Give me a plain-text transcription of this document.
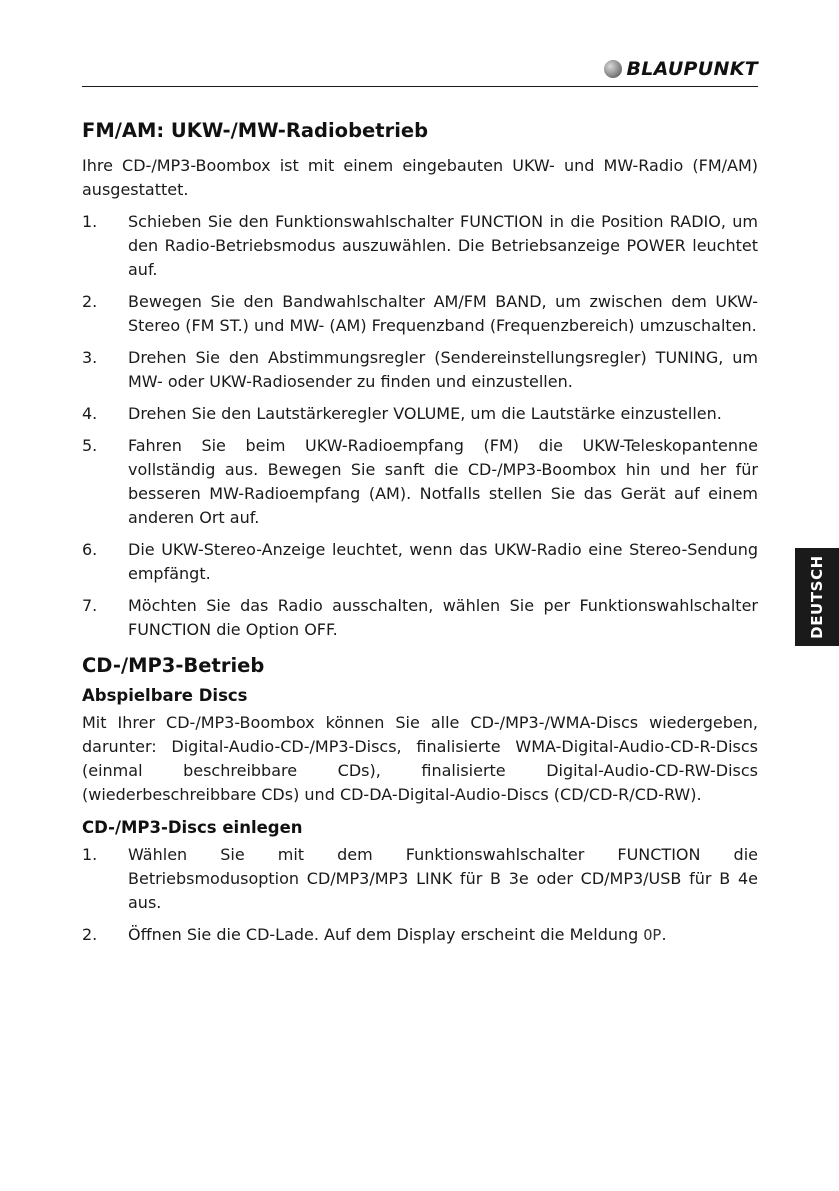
BLAUPUNKT
FM/AM: UKW-/MW-Radiobetrieb

Ihre CD-/MP3-Boombox ist mit einem eingebauten UKW- und MW-Radio (FM/AM) ausgestattet.

1. Schieben Sie den Funktionswahlschalter FUNCTION in die Position RADIO, um den Radio-Betriebsmodus auszuwählen. Die Betriebsanzeige POWER leuchtet auf.
2. Bewegen Sie den Bandwahlschalter AM/FM BAND, um zwischen dem UKW-Stereo (FM ST.) und MW- (AM) Frequenzband (Frequenzbereich) umzuschalten.
3. Drehen Sie den Abstimmungsregler (Sendereinstellungsregler) TUNING, um MW- oder UKW-Radiosender zu finden und einzustellen.
4. Drehen Sie den Lautstärkeregler VOLUME, um die Lautstärke einzustellen.
5. Fahren Sie beim UKW-Radioempfang (FM) die UKW-Teleskopantenne vollständig aus. Bewegen Sie sanft die CD-/MP3-Boombox hin und her für besseren MW-Radioempfang (AM). Notfalls stellen Sie das Gerät auf einem anderen Ort auf.
6. Die UKW-Stereo-Anzeige leuchtet, wenn das UKW-Radio eine Stereo-Sendung empfängt.
7. Möchten Sie das Radio ausschalten, wählen Sie per Funktionswahlschalter FUNCTION die Option OFF.
CD-/MP3-Betrieb
Abspielbare Discs

Mit Ihrer CD-/MP3-Boombox können Sie alle CD-/MP3-/WMA-Discs wiedergeben, darunter: Digital-Audio-CD-/MP3-Discs, finalisierte WMA-Digital-Audio-CD-R-Discs (einmal beschreibbare CDs), finalisierte Digital-Audio-CD-RW-Discs (wiederbeschreibbare CDs) und CD-DA-Digital-Audio-Discs (CD/CD-R/CD-RW).

CD-/MP3-Discs einlegen
1. Wählen Sie mit dem Funktionswahlschalter FUNCTION die Betriebsmodusoption CD/MP3/MP3 LINK für B 3e oder CD/MP3/USB für B 4e aus.
2. Öffnen Sie die CD-Lade. Auf dem Display erscheint die Meldung OP.
DEUTSCH
